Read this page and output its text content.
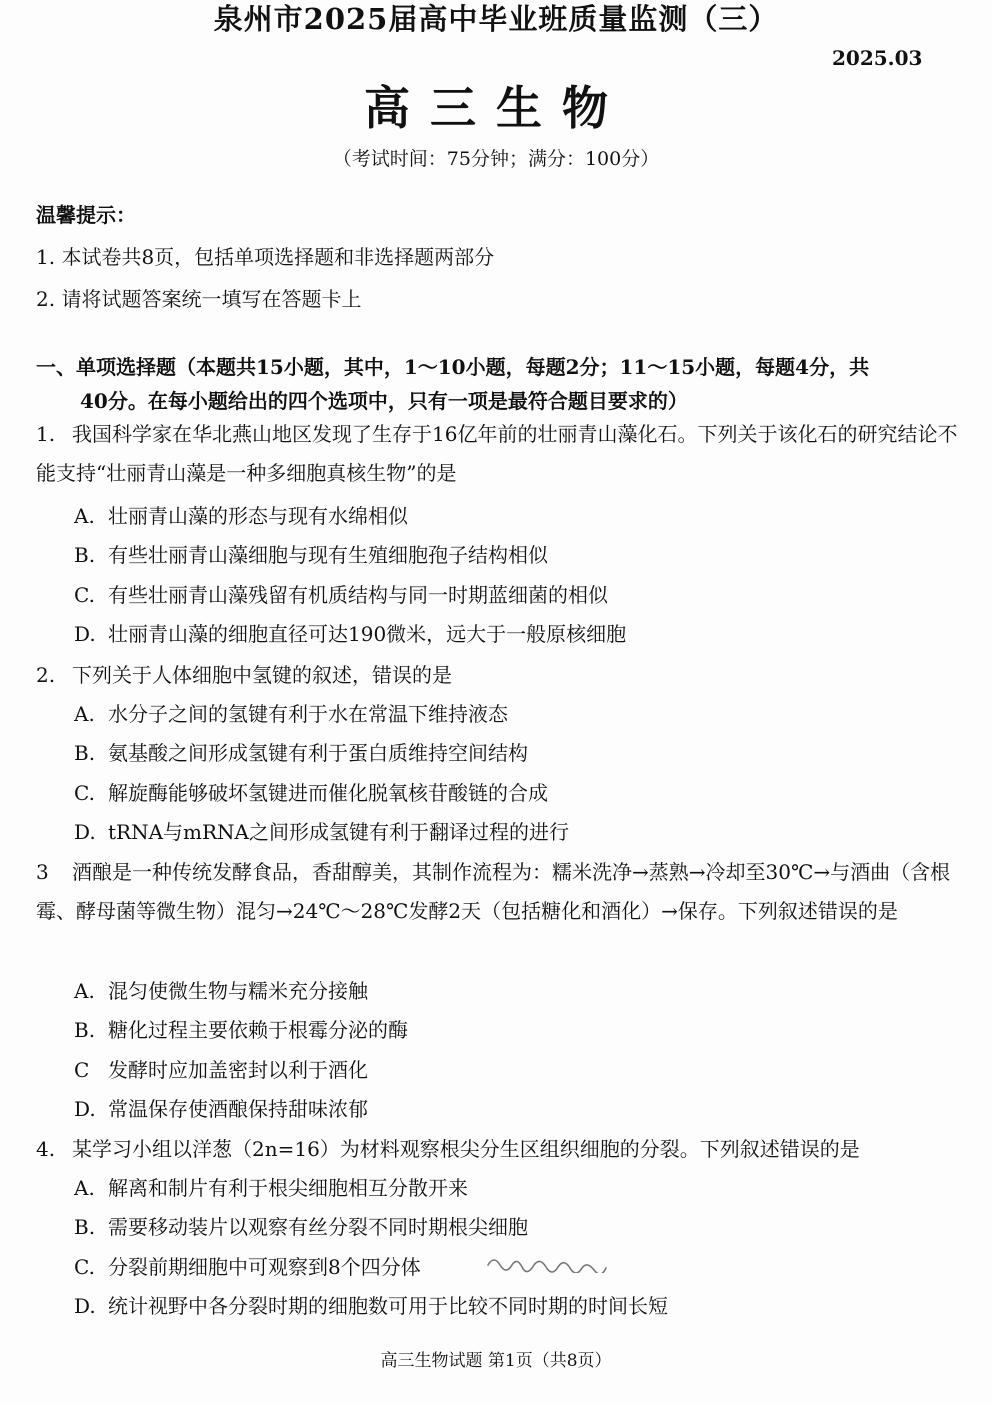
泉州市2025届高中毕业班质量监测（三）
2025.03
高三生物
（考试时间：75分钟；满分：100分）
温馨提示：
1. 本试卷共8页，包括单项选择题和非选择题两部分
2. 请将试题答案统一填写在答题卡上
一、单项选择题（本题共15小题，其中，1～10小题，每题2分；11～15小题，每题4分，共
40分。在每小题给出的四个选项中，只有一项是最符合题目要求的）
1. 我国科学家在华北燕山地区发现了生存于16亿年前的壮丽青山藻化石。下列关于该化石的研究结论不能支持“壮丽青山藻是一种多细胞真核生物”的是
A. 壮丽青山藻的形态与现有水绵相似
B. 有些壮丽青山藻细胞与现有生殖细胞孢子结构相似
C. 有些壮丽青山藻残留有机质结构与同一时期蓝细菌的相似
D. 壮丽青山藻的细胞直径可达190微米，远大于一般原核细胞
2. 下列关于人体细胞中氢键的叙述，错误的是
A. 水分子之间的氢键有利于水在常温下维持液态
B. 氨基酸之间形成氢键有利于蛋白质维持空间结构
C. 解旋酶能够破坏氢键进而催化脱氧核苷酸链的合成
D. tRNA与mRNA之间形成氢键有利于翻译过程的进行
3 酒酿是一种传统发酵食品，香甜醇美，其制作流程为：糯米洗净→蒸熟→冷却至30℃→与酒曲（含根霉、酵母菌等微生物）混匀→24℃～28℃发酵2天（包括糖化和酒化）→保存。下列叙述错误的是
A. 混匀使微生物与糯米充分接触
B. 糖化过程主要依赖于根霉分泌的酶
C 发酵时应加盖密封以利于酒化
D. 常温保存使酒酿保持甜味浓郁
4. 某学习小组以洋葱（2n=16）为材料观察根尖分生区组织细胞的分裂。下列叙述错误的是
A. 解离和制片有利于根尖细胞相互分散开来
B. 需要移动装片以观察有丝分裂不同时期根尖细胞
C. 分裂前期细胞中可观察到8个四分体
D. 统计视野中各分裂时期的细胞数可用于比较不同时期的时间长短
高三生物试题 第1页（共8页）
